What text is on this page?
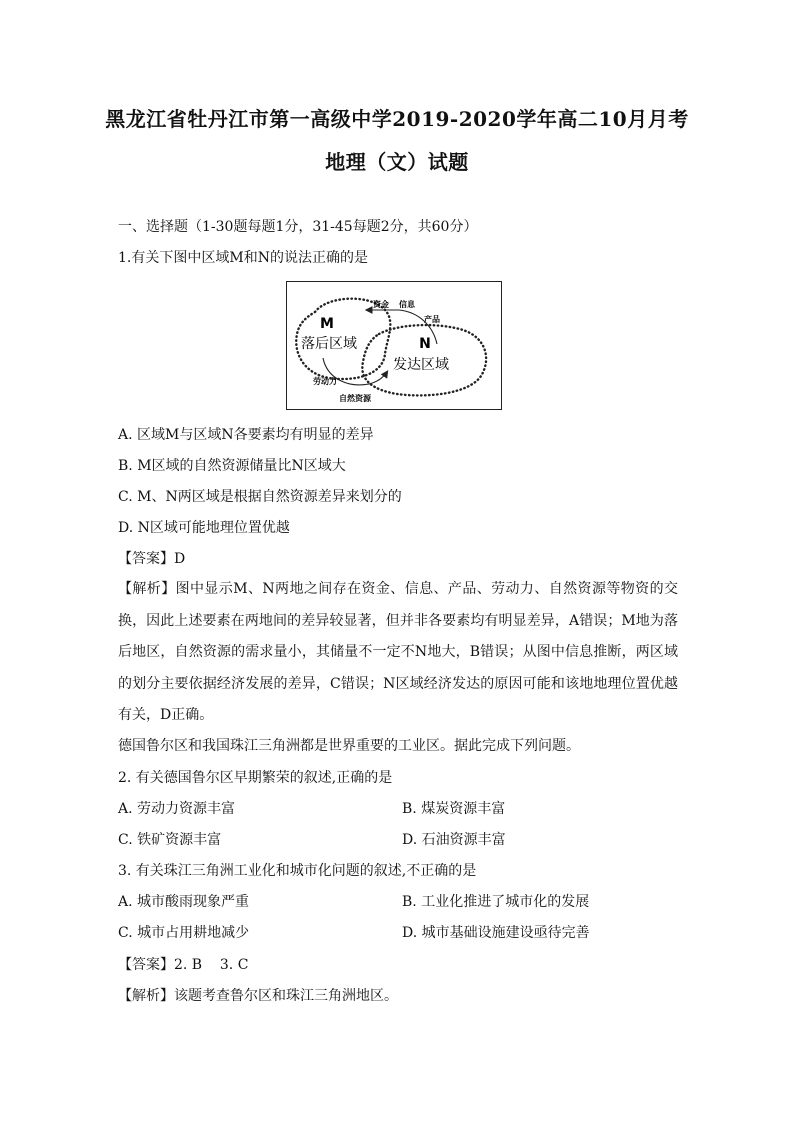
黑龙江省牡丹江市第一高级中学2019-2020学年高二10月月考
地理（文）试题
一、选择题（1-30题每题1分，31-45每题2分，共60分）
1.有关下图中区域M和N的说法正确的是
M
落后区域	N
发达区域
资金 信息
产品
劳动力
自然资源
A. 区域M与区域N各要素均有明显的差异
B. M区域的自然资源储量比N区域大
C. M、N两区域是根据自然资源差异来划分的
D. N区域可能地理位置优越
【答案】D
【解析】图中显示M、N两地之间存在资金、信息、产品、劳动力、自然资源等物资的交换，因此上述要素在两地间的差异较显著，但并非各要素均有明显差异，A错误；M地为落后地区，自然资源的需求量小，其储量不一定不N地大，B错误；从图中信息推断，两区域的划分主要依据经济发展的差异，C错误；N区域经济发达的原因可能和该地地理位置优越有关，D正确。
德国鲁尔区和我国珠江三角洲都是世界重要的工业区。据此完成下列问题。
2. 有关德国鲁尔区早期繁荣的叙述,正确的是
A. 劳动力资源丰富	B. 煤炭资源丰富
C. 铁矿资源丰富	D. 石油资源丰富
3. 有关珠江三角洲工业化和城市化问题的叙述,不正确的是
A. 城市酸雨现象严重	B. 工业化推进了城市化的发展
C. 城市占用耕地减少	D. 城市基础设施建设亟待完善
【答案】2. B    3. C
【解析】该题考查鲁尔区和珠江三角洲地区。
